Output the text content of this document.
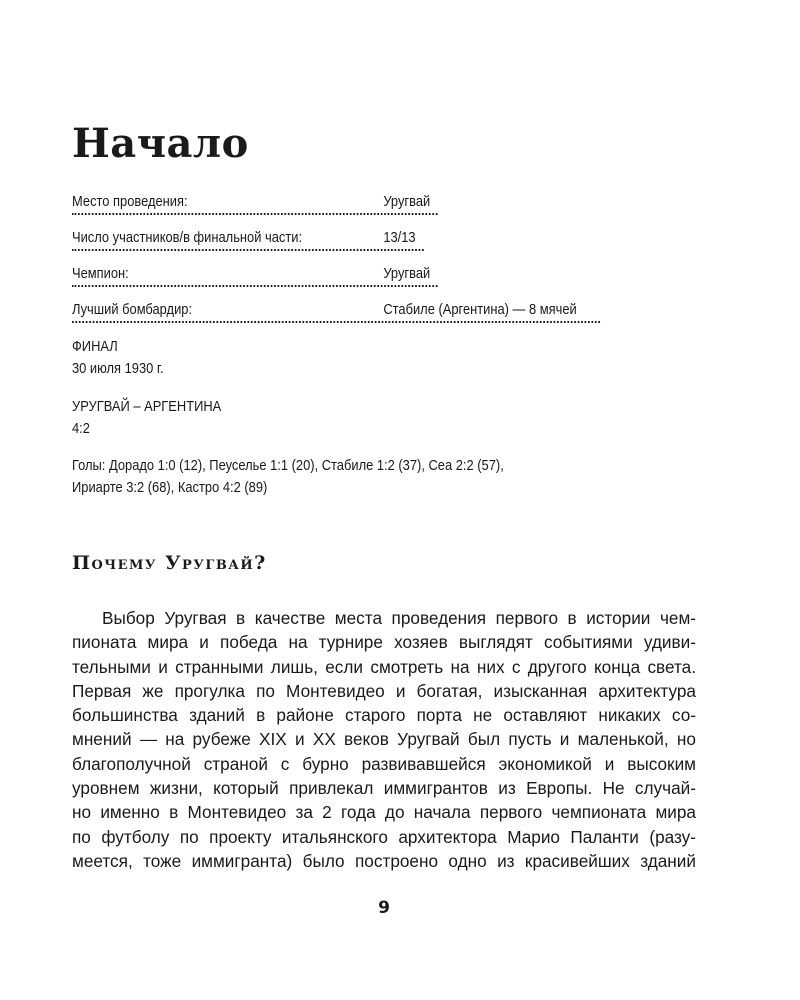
Начало
Место проведения:	Уругвай
Число участников/в финальной части:	13/13
Чемпион:	Уругвай
Лучший бомбардир:	Стабиле (Аргентина) — 8 мячей
ФИНАЛ
30 июля 1930 г.
УРУГВАЙ – АРГЕНТИНА
4:2
Голы: Дорадо 1:0 (12), Пеусельe 1:1 (20), Стабиле 1:2 (37), Сеа 2:2 (57),
Ириарте 3:2 (68), Кастро 4:2 (89)
Почему Уругвай?
Выбор Уругвая в качестве места проведения первого в истории чем-
пионата мира и победа на турнире хозяев выглядят событиями удиви-
тельными и странными лишь, если смотреть на них с другого конца света.
Первая же прогулка по Монтевидео и богатая, изысканная архитектура
большинства зданий в районе старого порта не оставляют никаких со-
мнений — на рубеже XIX и XX веков Уругвай был пусть и маленькой, но
благополучной страной с бурно развивавшейся экономикой и высоким
уровнем жизни, который привлекал иммигрантов из Европы. Не случай-
но именно в Монтевидео за 2 года до начала первого чемпионата мира
по футболу по проекту итальянского архитектора Марио Паланти (разу-
меется, тоже иммигранта) было построено одно из красивейших зданий
9
